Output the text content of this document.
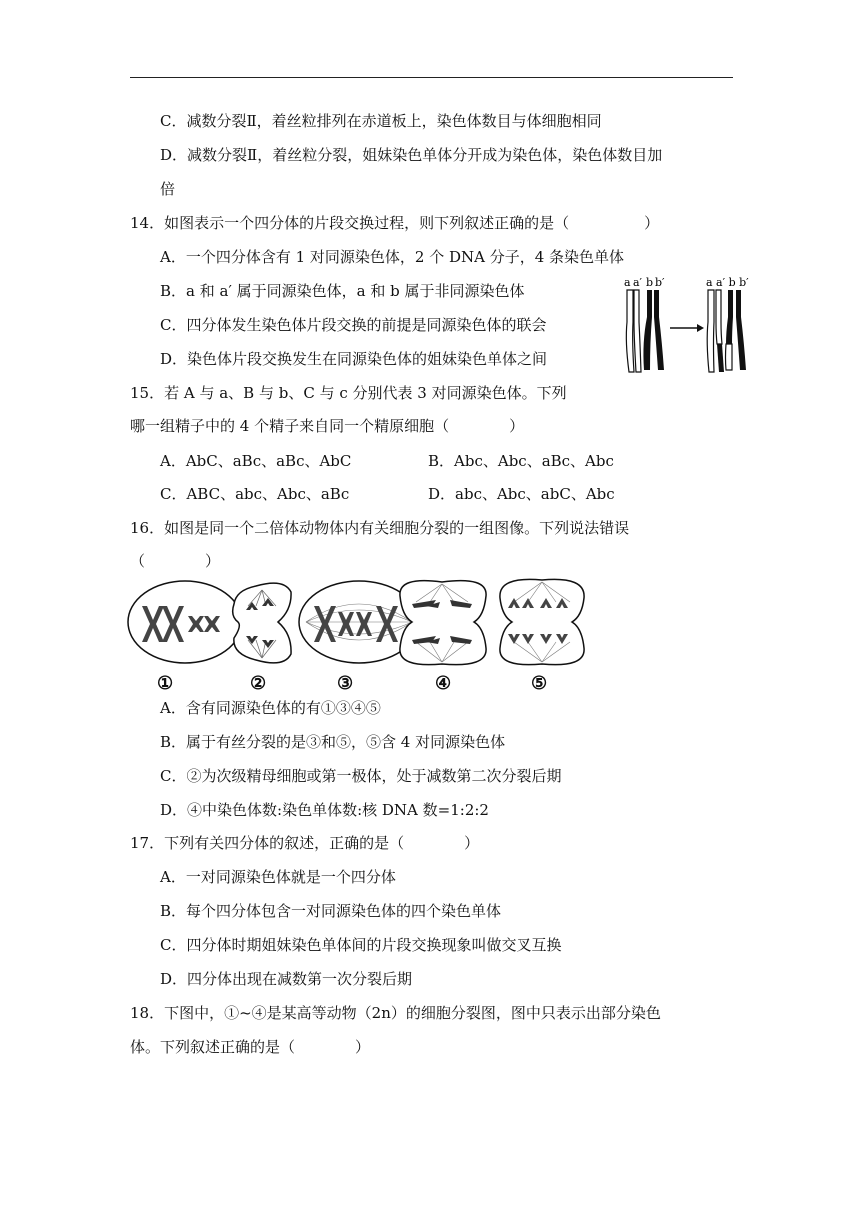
C．减数分裂Ⅱ，着丝粒排列在赤道板上，染色体数目与体细胞相同
D．减数分裂Ⅱ，着丝粒分裂，姐妹染色单体分开成为染色体，染色体数目加
倍
14．如图表示一个四分体的片段交换过程，则下列叙述正确的是（　　　　　）
A．一个四分体含有 1 对同源染色体，2 个 DNA 分子，4 条染色单体
B．a 和 a′ 属于同源染色体，a 和 b 属于非同源染色体
C．四分体发生染色体片段交换的前提是同源染色体的联会
D．染色体片段交换发生在同源染色体的姐妹染色单体之间
a a′ b b′	a a′ b b′
15．若 A 与 a、B 与 b、C 与 c 分别代表 3 对同源染色体。下列
哪一组精子中的 4 个精子来自同一个精原细胞（　　　　）
A．AbC、aBc、aBc、AbC	B．Abc、Abc、aBc、Abc
C．ABC、abc、Abc、aBc	D．abc、Abc、abC、Abc
16．如图是同一个二倍体动物体内有关细胞分裂的一组图像。下列说法错误
（　　　　）
①	②	③	④	⑤
A．含有同源染色体的有①③④⑤
B．属于有丝分裂的是③和⑤，⑤含 4 对同源染色体
C．②为次级精母细胞或第一极体，处于减数第二次分裂后期
D．④中染色体数:染色单体数:核 DNA 数=1:2:2
17．下列有关四分体的叙述，正确的是（　　　　）
A．一对同源染色体就是一个四分体
B．每个四分体包含一对同源染色体的四个染色单体
C．四分体时期姐妹染色单体间的片段交换现象叫做交叉互换
D．四分体出现在减数第一次分裂后期
18．下图中，①~④是某高等动物（2n）的细胞分裂图，图中只表示出部分染色
体。下列叙述正确的是（　　　　）
